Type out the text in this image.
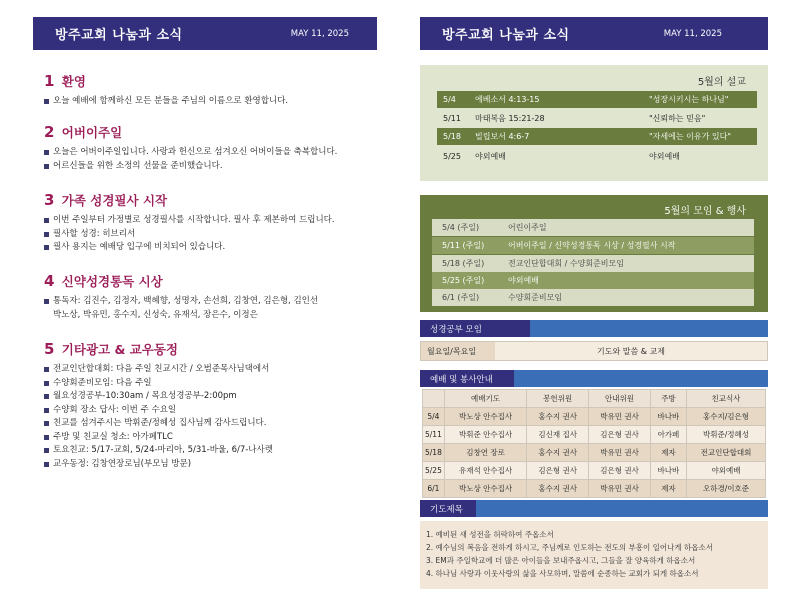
방주교회 나눔과 소식	MAY 11, 2025	방주교회 나눔과 소식	MAY 11, 2025
1 환영
오늘 예배에 함께하신 모든 분들을 주님의 이름으로 환영합니다.
2 어버이주일
오늘은 어버이주일입니다. 사랑과 헌신으로 섬겨오신 어버이들을 축복합니다.
어르신들을 위한 소정의 선물을 준비했습니다.
3 가족 성경필사 시작
이번 주일부터 가정별로 성경필사를 시작합니다. 필사 후 제본하여 드립니다.
필사할 성경: 히브리서
필사 용지는 예배당 입구에 비치되어 있습니다.
4 신약성경통독 시상
통독자: 김진수, 김정자, 백혜향, 성명자, 손선희, 김창연, 김은형, 김인선
박노상, 박유민, 홍수지, 신성숙, 유재석, 장은수, 이정은
5 기타광고 & 교우동정
전교인단합대회: 다음 주일 친교시간 / 오범준목사님댁에서
수양회준비모임: 다음 주일
월요성경공부-10:30am / 목요성경공부-2:00pm
수양회 장소 답사: 이번 주 수요일
친교를 섬겨주시는 박휘준/정혜성 집사님께 감사드립니다.
주방 및 친교실 청소: 아가페TLC
토요친교: 5/17-교회, 5/24-마리아, 5/31-바울, 6/7-나사렛
교우동정: 김창연장로님(부모님 방문)
5월의 설교
5/4	에베소서 4:13-15	"성장시키시는 하나님"
5/11	마태복음 15:21-28	"신뢰하는 믿음"
5/18	빌립보서 4:6-7	"자세에는 이유가 있다"
5/25	야외예배	야외예배
5월의 모임 & 행사
5/4 (주일)	어린이주일
5/11 (주일)	어버이주일 / 신약성경통독 시상 / 성경필사 시작
5/18 (주일)	전교인단합대회 / 수양회준비모임
5/25 (주일)	야외예배
6/1 (주일)	수양회준비모임
성경공부 모임
월요일/목요일	기도와 말씀 & 교제
예배 및 봉사안내
	예배기도	봉헌위원	안내위원	주방	친교식사
5/4	박노상 안수집사	홍수지 권사	박유민 권사	바나바	홍수지/김은형
5/11	박휘준 안수집사	김신재 집사	김은형 권사	아가페	박휘준/정혜성
5/18	김창연 장로	홍수지 권사	박유민 권사	제자	전교인단합대회
5/25	유재석 안수집사	김은형 권사	김은형 권사	바나바	야외예배
6/1	박노상 안수집사	홍수지 권사	박유민 권사	제자	오하경/이호준
기도제목
1. 예비된 새 성전을 허락하여 주옵소서
2. 예수님의 복음을 전하게 하시고, 주님께로 인도하는 전도의 부흥이 일어나게 하옵소서
3. EM과 주일학교에 더 많은 아이들을 보내주옵시고, 그들을 잘 양육하게 하옵소서
4. 하나님 사랑과 이웃사랑의 삶을 사모하며, 말씀에 순종하는 교회가 되게 하옵소서
